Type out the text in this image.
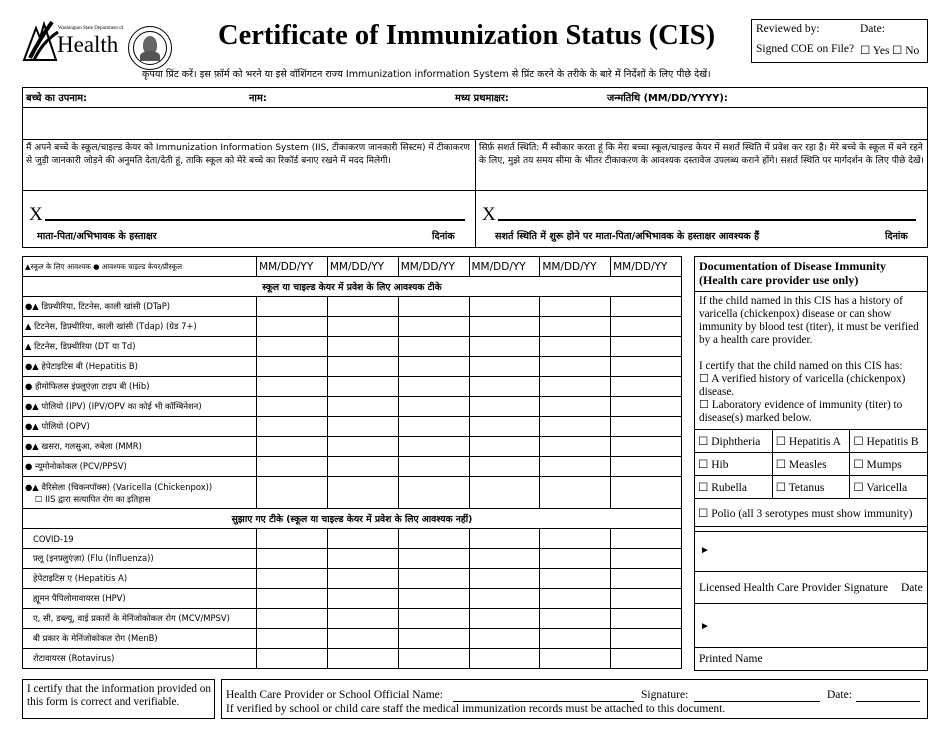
Washington State Department of
Health	Certificate of Immunization Status (CIS)	Reviewed by:	Date:
Signed COE on File? ☐ Yes ☐ No
कृपया प्रिंट करें। इस फ़ॉर्म को भरने या इसे वॉशिंगटन राज्य Immunization information System से प्रिंट करने के तरीके के बारे में निर्देशों के लिए पीछे देखें।
बच्चे का उपनाम:	नाम:	मध्य प्रथमाक्षर:	जन्मतिथि (MM/DD/YYYY):
मैं अपने बच्चे के स्कूल/चाइल्ड केयर को Immunization Information System (IIS, टीकाकरण जानकारी सिस्टम) में टीकाकरण से जुड़ी जानकारी जोड़ने की अनुमति देता/देती हूं, ताकि स्कूल को मेरे बच्चे का रिकॉर्ड बनाए रखने में मदद मिलेगी।
X
माता-पिता/अभिभावक के हस्ताक्षर	दिनांक
सिर्फ़ सशर्त स्थिति: मैं स्वीकार करता हूं कि मेरा बच्चा स्कूल/चाइल्ड केयर में सशर्त स्थिति में प्रवेश कर रहा है। मेरे बच्चे के स्कूल में बने रहने के लिए, मुझे तय समय सीमा के भीतर टीकाकरण के आवश्यक दस्तावेज उपलब्ध कराने होंगे। सशर्त स्थिति पर मार्गदर्शन के लिए पीछे देखें।
X
सशर्त स्थिति में शुरू होने पर माता-पिता/अभिभावक के हस्ताक्षर आवश्यक हैं	दिनांक
▲स्कूल के लिए आवश्यक ● आवश्यक चाइल्ड केयर/प्रीस्कूल	MM/DD/YY	MM/DD/YY	MM/DD/YY	MM/DD/YY	MM/DD/YY	MM/DD/YY
स्कूल या चाइल्ड केयर में प्रवेश के लिए आवश्यक टीके						
●▲ डिफ़्थीरिया, टिटनेस, काली खांसी (DTaP)						
▲ टिटनेस, डिफ़्थीरिया, काली खांसी (Tdap) (ग्रेड 7+)						
▲ टिटनेस, डिफ़्थीरिया (DT या Td)						
●▲ हेपेटाइटिस बी (Hepatitis B)						
● हीमोफिलस इंफ़्लुएंज़ा टाइप बी (Hib)						
●▲ पोलियो (IPV) (IPV/OPV का कोई भी कॉम्बिनेशन)						
●▲ पोलियो (OPV)						
●▲ खसरा, गलसुआ, रुबेला (MMR)						
● न्यूमोनोकोकल (PCV/PPSV)						
●▲ वैरिसेला (चिकनपॉक्स) (Varicella (Chickenpox))
☐ IIS द्वारा सत्यापित रोग का इतिहास						

सुझाए गए टीके (स्कूल या चाइल्ड केयर में प्रवेश के लिए आवश्यक नहीं)						
COVID-19						
फ़्लू (इनफ़्लुएंज़ा) (Flu (Influenza))						
हेपेटाइटिस ए (Hepatitis A)						
ह्यूमन पैपिलोमावायरस (HPV)						
ए, सी, डब्ल्यू, वाई प्रकारों के मेनिंजोकोकल रोग (MCV/MPSV)						
बी प्रकार के मेनिंजोकोकल रोग (MenB)						
रोटावायरस (Rotavirus)						
Documentation of Disease Immunity (Health care provider use only)
If the child named in this CIS has a history of varicella (chickenpox) disease or can show immunity by blood test (titer), it must be verified by a health care provider.
I certify that the child named on this CIS has:
☐ A verified history of varicella (chickenpox) disease.
☐ Laboratory evidence of immunity (titer) to disease(s) marked below.
☐ Diphtheria	☐ Hepatitis A	☐ Hepatitis B
☐ Hib	☐ Measles	☐ Mumps
☐ Rubella	☐ Tetanus	☐ Varicella
☐ Polio (all 3 serotypes must show immunity)		
►
Licensed Health Care Provider Signature Date
►
Printed Name
I certify that the information provided on this form is correct and verifiable.
Health Care Provider or School Official Name:	Signature:	Date:
If verified by school or child care staff the medical immunization records must be attached to this document.
